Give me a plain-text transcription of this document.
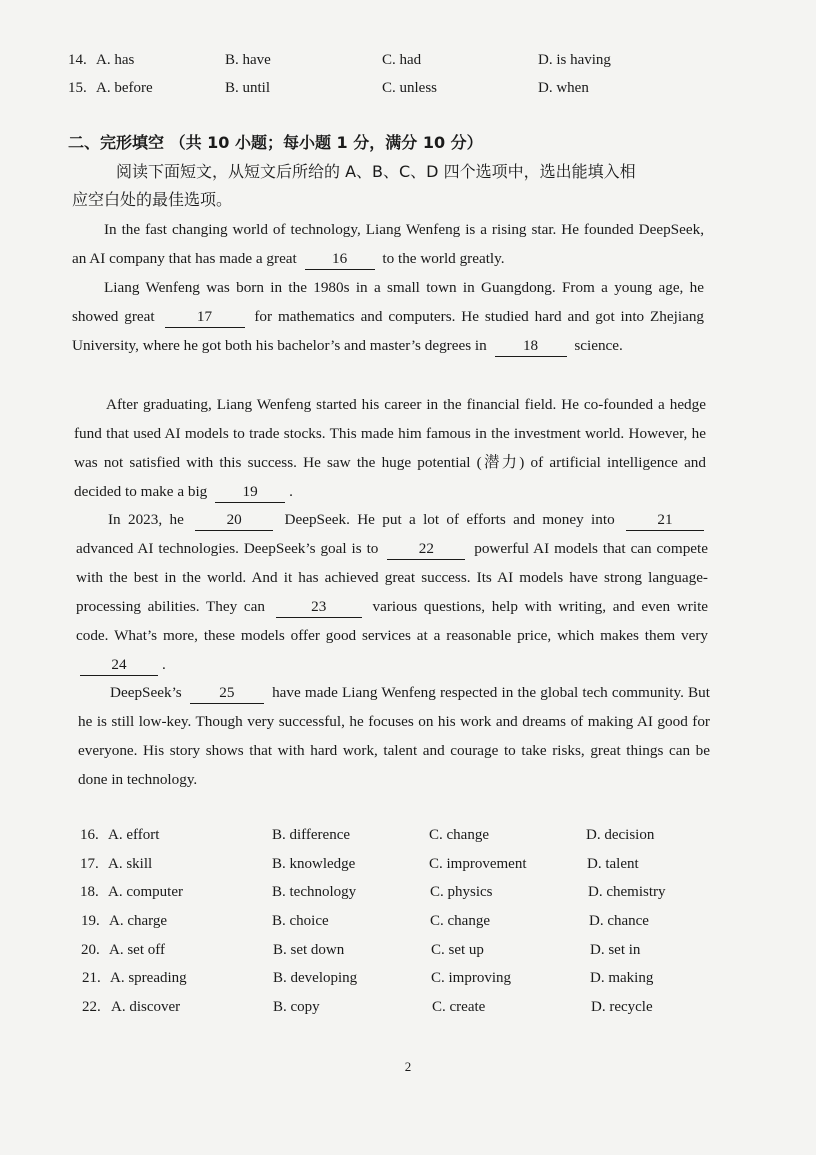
14. A. has	B. have	C. had	D. is having
15. A. before	B. until	C. unless	D. when
二、完形填空 （共 10 小题；每小题 1 分，满分 10 分）
阅读下面短文，从短文后所给的 A、B、C、D 四个选项中，选出能填入相
应空白处的最佳选项。
In the fast changing world of technology, Liang Wenfeng is a rising star. He founded DeepSeek, an AI company that has made a great 16 to the world greatly.
Liang Wenfeng was born in the 1980s in a small town in Guangdong. From a young age, he showed great	17	for mathematics and computers. He studied hard and got into Zhejiang University, where he got both his bachelor’s and master’s degrees in 18 science.
After graduating, Liang Wenfeng started his career in the financial field. He co-founded a hedge fund that used AI models to trade stocks. This made him famous in the investment world. However, he was not satisfied with this success. He saw the huge potential (潜力) of artificial intelligence and decided to make a big 19 .
In 2023, he	20	DeepSeek. He put a lot of efforts and money into	21 advanced AI technologies. DeepSeek’s goal is to	22	powerful AI models that can compete with the best in the world. And it has achieved great success. Its AI models have strong language-processing abilities. They can	23	various questions, help with writing, and even write code. What’s more, these models offer good services at a reasonable price, which makes them very 24 .
DeepSeek’s 25 have made Liang Wenfeng respected in the global tech community. But he is still low-key. Though very successful, he focuses on his work and dreams of making AI good for everyone. His story shows that with hard work, talent and courage to take risks, great things can be done in technology.
16. A. effort	B. difference	C. change	D. decision
17. A. skill	B. knowledge	C. improvement	D. talent
18. A. computer	B. technology	C. physics	D. chemistry
19. A. charge	B. choice	C. change	D. chance
20. A. set off	B. set down	C. set up	D. set in
21. A. spreading	B. developing	C. improving	D. making
22. A. discover	B. copy	C. create	D. recycle
2
